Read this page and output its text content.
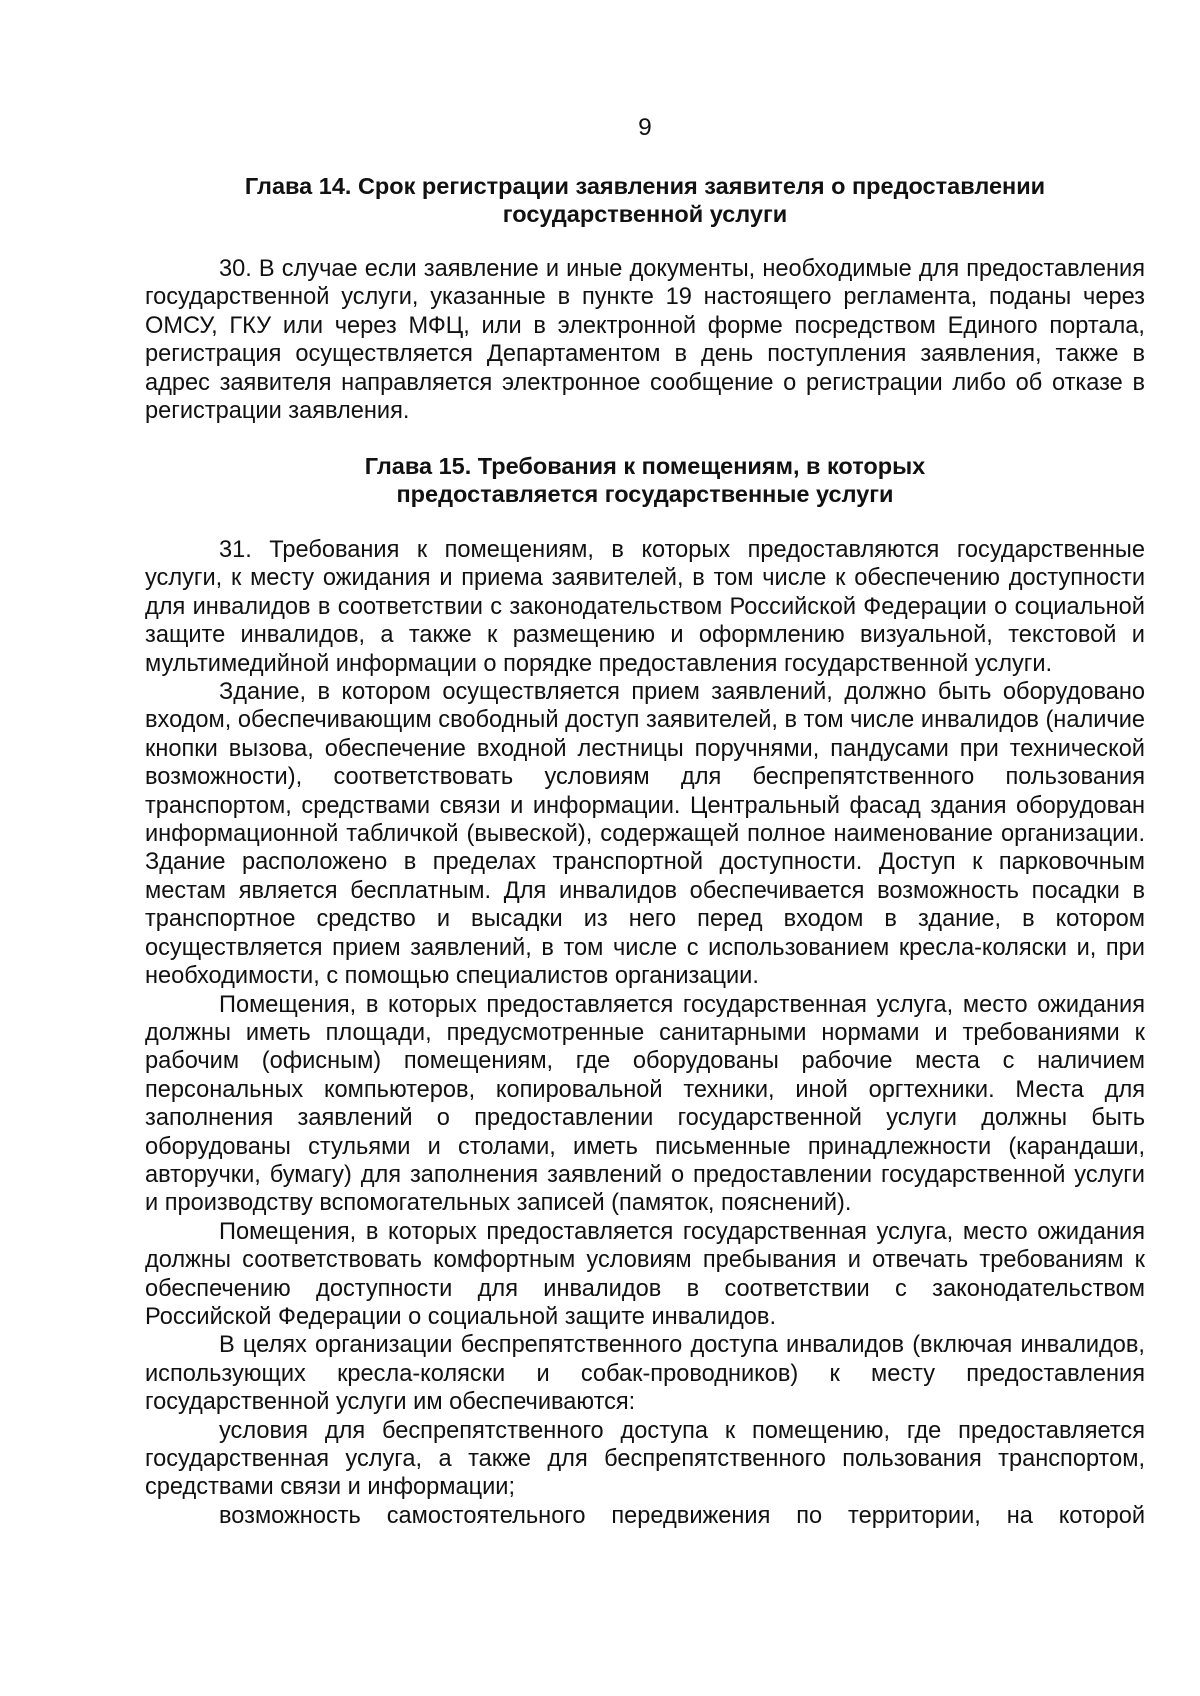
9
Глава 14. Срок регистрации заявления заявителя о предоставлении
государственной услуги

30. В случае если заявление и иные документы, необходимые для предоставления государственной услуги, указанные в пункте 19 настоящего регламента, поданы через ОМСУ, ГКУ или через МФЦ, или в электронной форме посредством Единого портала, регистрация осуществляется Департаментом в день поступления заявления, также в адрес заявителя направляется электронное сообщение о регистрации либо об отказе в регистрации заявления.

Глава 15. Требования к помещениям, в которых
предоставляется государственные услуги

31. Требования к помещениям, в которых предоставляются государственные услуги, к месту ожидания и приема заявителей, в том числе к обеспечению доступности для инвалидов в соответствии с законодательством Российской Федерации о социальной защите инвалидов, а также к размещению и оформлению визуальной, текстовой и мультимедийной информации о порядке предоставления государственной услуги.

Здание, в котором осуществляется прием заявлений, должно быть оборудовано входом, обеспечивающим свободный доступ заявителей, в том числе инвалидов (наличие кнопки вызова, обеспечение входной лестницы поручнями, пандусами при технической возможности), соответствовать условиям для беспрепятственного пользования транспортом, средствами связи и информации. Центральный фасад здания оборудован информационной табличкой (вывеской), содержащей полное наименование организации. Здание расположено в пределах транспортной доступности. Доступ к парковочным местам является бесплатным. Для инвалидов обеспечивается возможность посадки в транспортное средство и высадки из него перед входом в здание, в котором осуществляется прием заявлений, в том числе с использованием кресла-коляски и, при необходимости, с помощью специалистов организации.

Помещения, в которых предоставляется государственная услуга, место ожидания должны иметь площади, предусмотренные санитарными нормами и требованиями к рабочим (офисным) помещениям, где оборудованы рабочие места с наличием персональных компьютеров, копировальной техники, иной оргтехники. Места для заполнения заявлений о предоставлении государственной услуги должны быть оборудованы стульями и столами, иметь письменные принадлежности (карандаши, авторучки, бумагу) для заполнения заявлений о предоставлении государственной услуги и производству вспомогательных записей (памяток, пояснений).

Помещения, в которых предоставляется государственная услуга, место ожидания должны соответствовать комфортным условиям пребывания и отвечать требованиям к обеспечению доступности для инвалидов в соответствии с законодательством Российской Федерации о социальной защите инвалидов.

В целях организации беспрепятственного доступа инвалидов (включая инвалидов, использующих кресла-коляски и собак-проводников) к месту предоставления государственной услуги им обеспечиваются:

условия для беспрепятственного доступа к помещению, где предоставляется государственная услуга, а также для беспрепятственного пользования транспортом, средствами связи и информации;

возможность самостоятельного передвижения по территории, на которой
